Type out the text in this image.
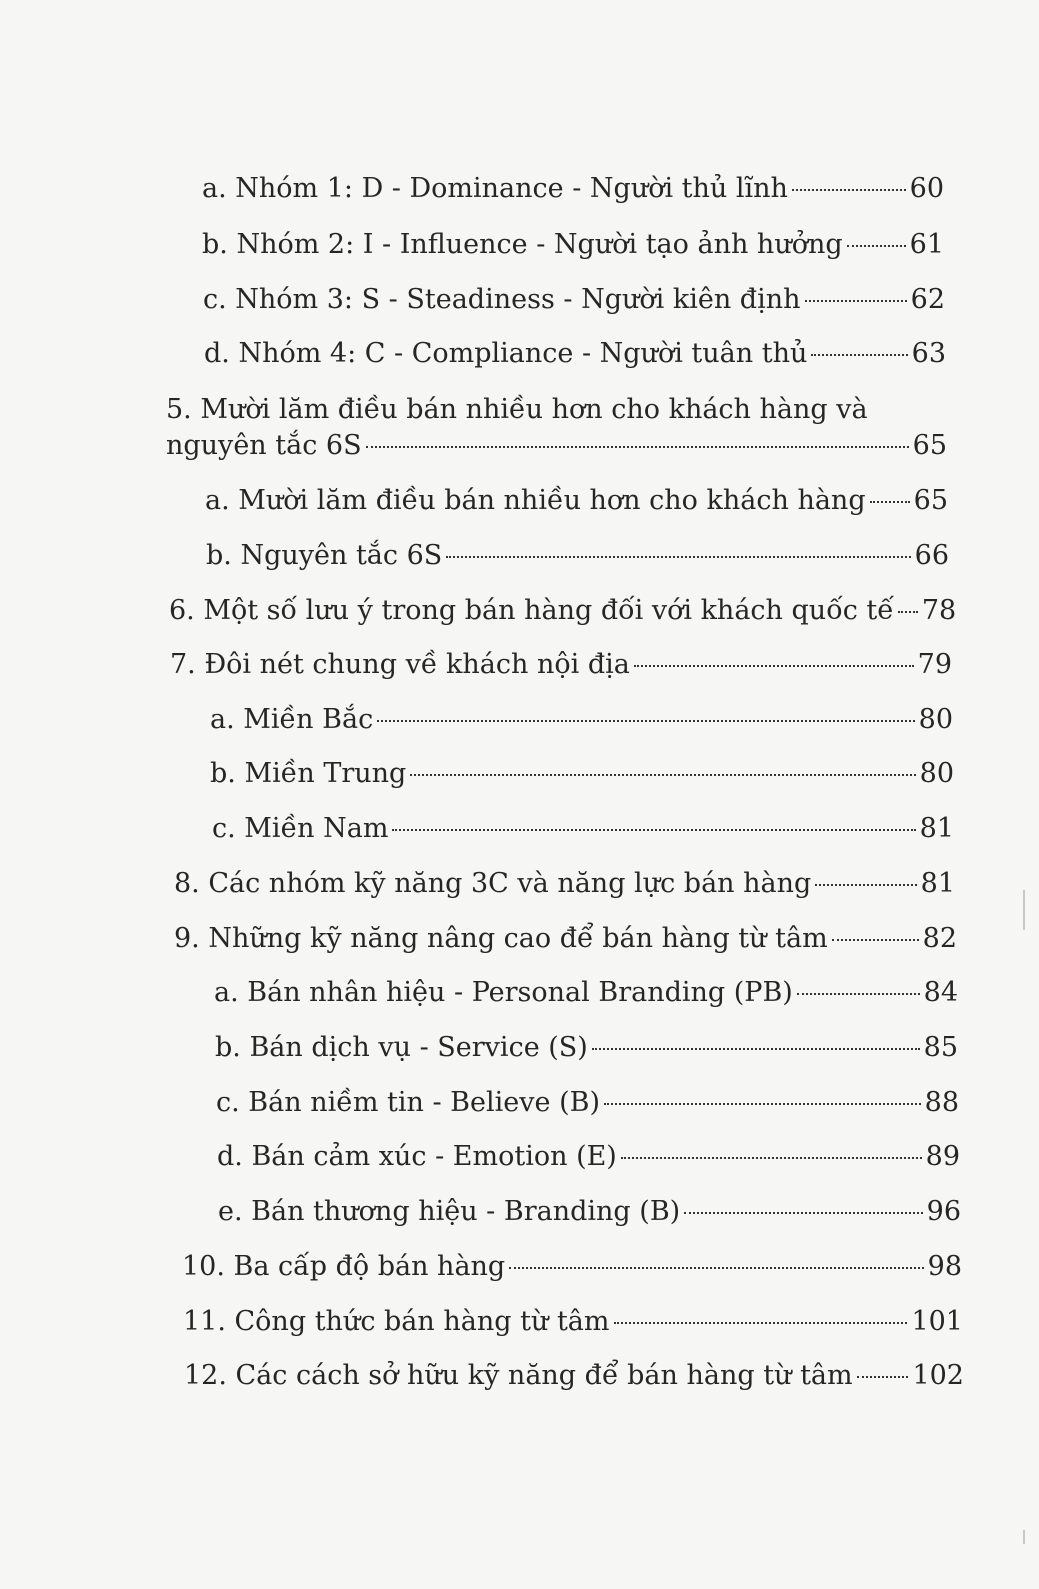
a. Nhóm 1: D - Dominance - Người thủ lĩnh	60
b. Nhóm 2: I - Influence - Người tạo ảnh hưởng 61
c. Nhóm 3: S - Steadiness - Người kiên định	62
d. Nhóm 4: C - Compliance - Người tuân thủ	63
5. Mười lăm điều bán nhiều hơn cho khách hàng và
nguyên tắc 6S	65
a. Mười lăm điều bán nhiều hơn cho khách hàng 65
b. Nguyên tắc 6S	66
6. Một số lưu ý trong bán hàng đối với khách quốc tế 78
7. Đôi nét chung về khách nội địa	79
a. Miền Bắc	80
b. Miền Trung	80
c. Miền Nam	81
8. Các nhóm kỹ năng 3C và năng lực bán hàng	81
9. Những kỹ năng nâng cao để bán hàng từ tâm	82
a. Bán nhân hiệu - Personal Branding (PB)	84
b. Bán dịch vụ - Service (S)	85
c. Bán niềm tin - Believe (B)	88
d. Bán cảm xúc - Emotion (E)	89
e. Bán thương hiệu - Branding (B)	96
10. Ba cấp độ bán hàng	98
11. Công thức bán hàng từ tâm	101
12. Các cách sở hữu kỹ năng để bán hàng từ tâm 102
